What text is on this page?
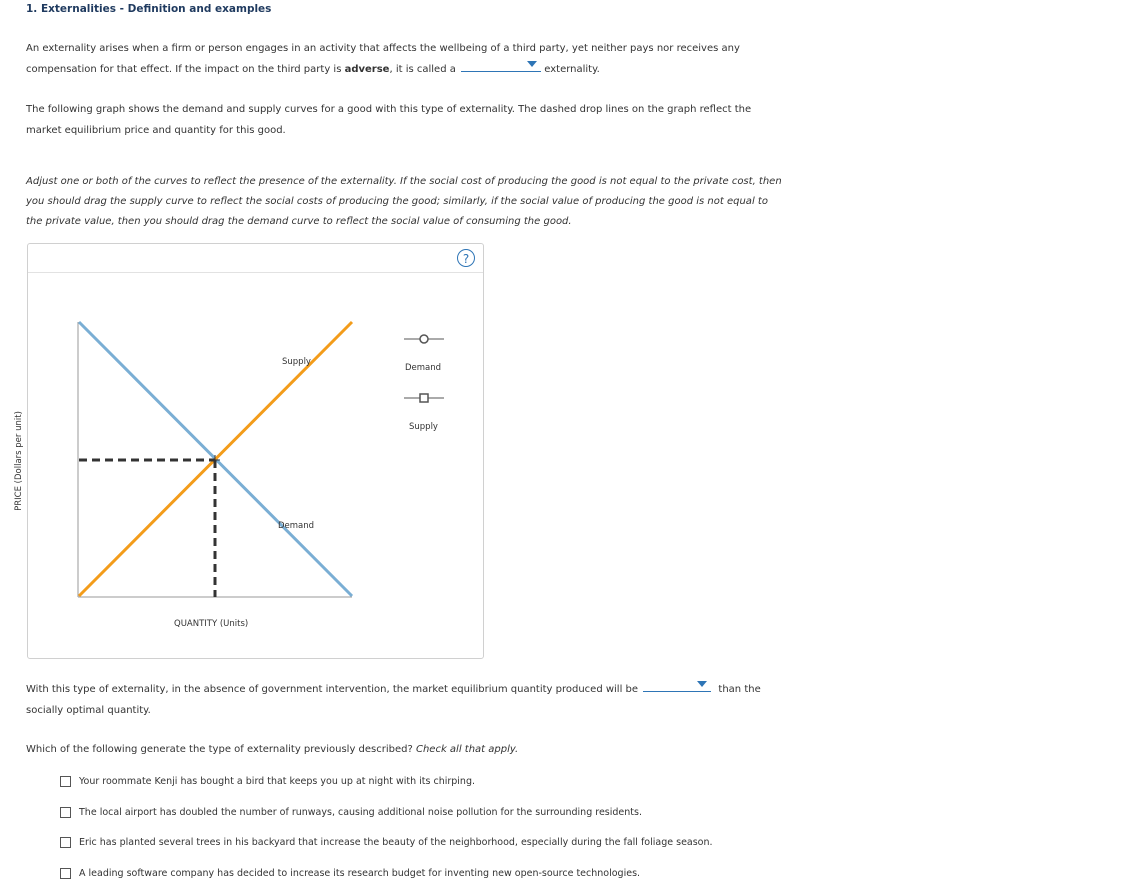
1. Externalities - Definition and examples
An externality arises when a firm or person engages in an activity that affects the wellbeing of a third party, yet neither pays nor receives any
compensation for that effect. If the impact on the third party is adverse, it is called a	externality.
The following graph shows the demand and supply curves for a good with this type of externality. The dashed drop lines on the graph reflect the
market equilibrium price and quantity for this good.
Adjust one or both of the curves to reflect the presence of the externality. If the social cost of producing the good is not equal to the private cost, then
you should drag the supply curve to reflect the social costs of producing the good; similarly, if the social value of producing the good is not equal to
the private value, then you should drag the demand curve to reflect the social value of consuming the good.
?
PRICE (Dollars per unit)
QUANTITY (Units)
Supply
Demand
Demand
Supply
With this type of externality, in the absence of government intervention, the market equilibrium quantity produced will be	than the
socially optimal quantity.
Which of the following generate the type of externality previously described? Check all that apply.
Your roommate Kenji has bought a bird that keeps you up at night with its chirping.
The local airport has doubled the number of runways, causing additional noise pollution for the surrounding residents.
Eric has planted several trees in his backyard that increase the beauty of the neighborhood, especially during the fall foliage season.
A leading software company has decided to increase its research budget for inventing new open-source technologies.
